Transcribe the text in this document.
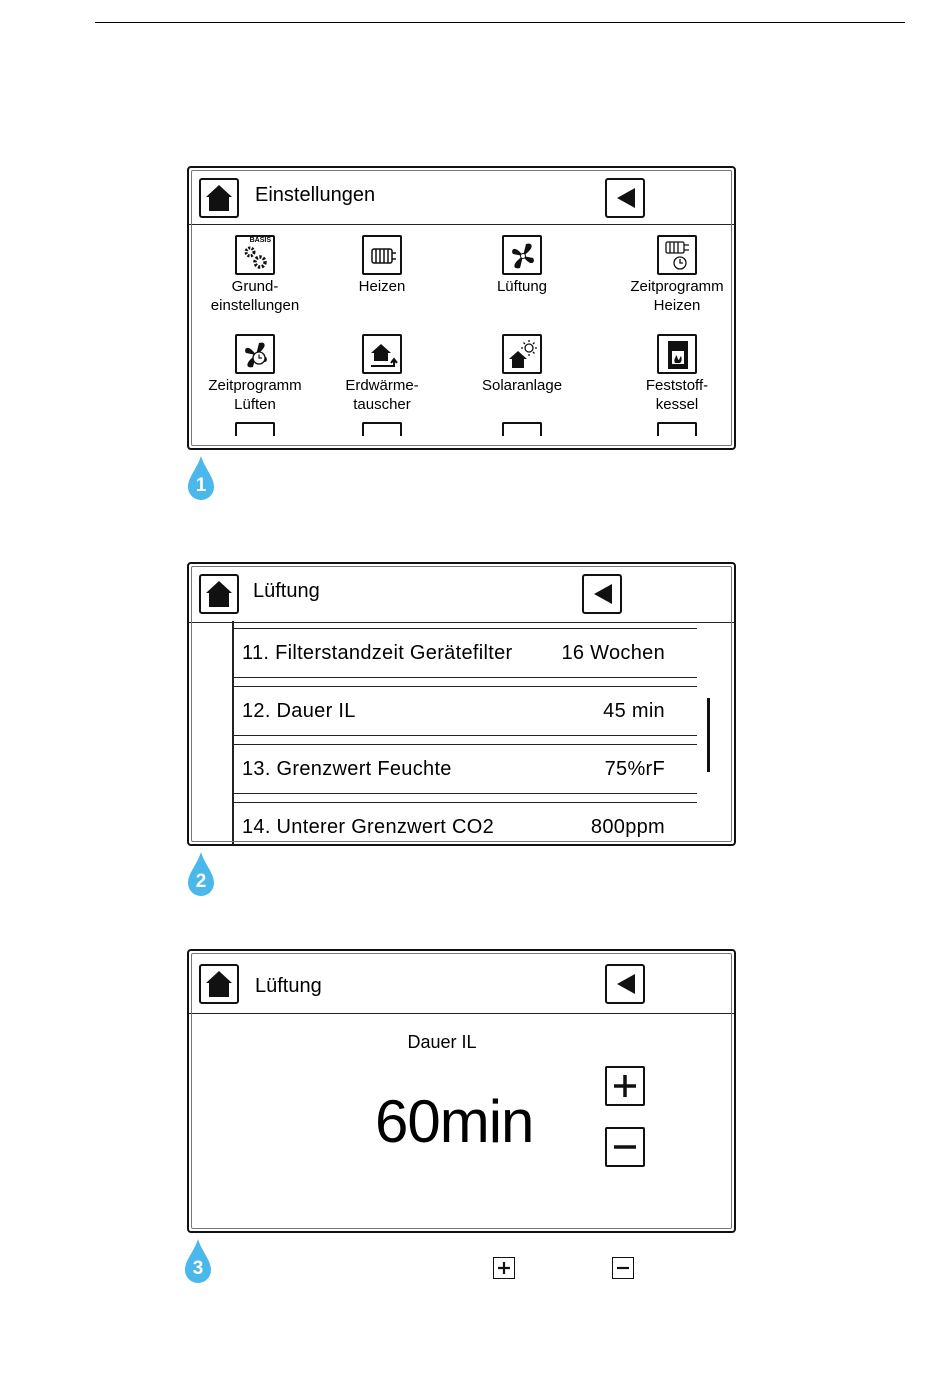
Einstellungen
BASIS
Grund-
einstellungen
Heizen	Lüftung	Zeitprogramm
Heizen
Zeitprogramm
Lüften
Erdwärme-
tauscher
Solaranlage	Feststoff-
kessel
Lüftung
11. Filterstandzeit Gerätefilter 16 Wochen
12. Dauer IL	45 min
13. Grenzwert Feuchte	75%rF
14. Unterer Grenzwert CO2	800ppm
Lüftung
Dauer IL
60min
1
2
3
